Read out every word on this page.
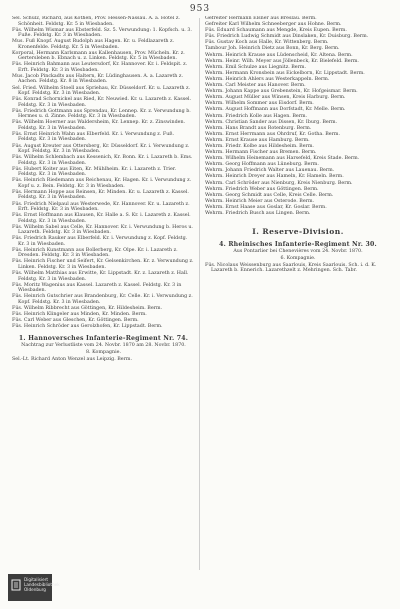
953
Sel. Schulz, Richard, aus Kothen, Prov. Hessen-Nassau. A. a. Hotel z. Schönheit. Feldstg. Kr. 5 in Wiesbaden.
Füs. Wilhelm Wismar aus Ebsterfeld. Sz. 5. Verwundung: 1. Kopfsch. u. 3. Fuße. Feldstg. Kr. 3 in Wiesbaden.
Mus. Fuß Knopf. August Rudolph aus Hagen. Kr. u. Feldlazareth z. Kronenfelde. Feldstg. Kr. 5 in Wiesbaden.
Korporal, Hermann Karlsmann aus Kallenhausen, Prov. Mücheln. Kr. z. Gertersleben b. Ebnach u. z. Linken. Feldstg. Kr. 5 in Wiesbaden.
Füs. Heinrich Bahmann aus Leutersdorf, Kr. Hannover. Kr. i. Feldspit. z. Erft. Feldstg. Kr. 3 in Wiesbaden.
Mus. Jacob Pinckadts aus Haltern, Kr. Lüdinghausen. A. a. Lazareth z. Aachen. Feldstg. Kr. 8 in Wiesbaden.
Sel. Fried. Wilhelm Stoell aus Spriehau, Kr. Düsseldorf. Kr. u. Lazareth z. Kopf. Feldstg. Kr. 3 in Wiesbaden.
Füs. Konrad Schornickel aus Ried, Kr. Neuwied. Kr. u. Lazareth z. Kassel. Feldstg. Kr. 3 in Wiesbaden.
Füs. Friedrich Gottmann aus Sprendau, Kr. Lennep. Kr. z. Verwundung b. Hermes u. d. Zinne. Feldstg. Kr. 3 in Wiesbaden.
Füs. Wilhelm Hoerner aus Waldersheim, Kr. Lennep. Kr. z. Zinswinden. Feldstg. Kr. 3 in Wiesbaden.
Füs. Ernst Heinrich Wahn aus Elberfeld. Kr. i. Verwundung z. Fuß. Feldstg. Kr. 3 in Wiesbaden.
Füs. August Kreuter aus Ottersberg, Kr. Düsseldorf. Kr. i. Verwundung z. Kopf. Feldstg. Kr. 3 in Wiesbaden.
Füs. Wilhelm Schlembach aus Kessenich, Kr. Bonn. Kr. i. Lazareth b. Ems. Feldstg. Kr. 3 in Wiesbaden.
Füs. Hubert Koiter aus Eiten, Kr. Mühlheim. Kr. i. Lazareth z. Trier. Feldstg. Kr. 3 in Wiesbaden.
Füs. Heinrich Riedemann aus Reichenau, Kr. Hagen. Kr. i. Verwundung z. Kopf u. z. Bein. Feldstg. Kr. 3 in Wiesbaden.
Füs. Hermann Hoppe aus Reinsen, Kr. Minden. Kr. u. Lazareth z. Kassel. Feldstg. Kr. 3 in Wiesbaden.
Füs. Friedrich Nielpaul aus Westerwede, Kr. Hannover. Kr. u. Lazareth z. Erft. Feldstg. Kr. 3 in Wiesbaden.
Füs. Ernst Hoffmann aus Klausen, Kr. Halle a. S. Kr. i. Lazareth z. Kassel. Feldstg. Kr. 3 in Wiesbaden.
Füs. Wilhelm Sabel aus Celle, Kr. Hannover. Kr. i. Verwundung b. Heros u. Lazareth. Feldstg. Kr. 3 in Wiesbaden.
Füs. Friedrich Rauker aus Elberfeld. Kr. i. Verwundung z. Kopf. Feldstg. Kr. 3 in Wiesbaden.
Füs. Heinrich Kunstmann aus Bollerberg, Kr. Olpe. Kr. i. Lazareth z. Dresden. Feldstg. Kr. 3 in Wiesbaden.
Füs. Heinrich Fischer und Seifert, Kr. Gelsenkirchen. Kr. z. Verwundung z. Linken. Feldstg. Kr. 3 in Wiesbaden.
Füs. Wilhelm Matthias aus Erwitte, Kr. Lippstadt. Kr. z. Lazareth z. Hall. Feldstg. Kr. 3 in Wiesbaden.
Füs. Moritz Wagenius aus Kassel. Lazareth z. Kassel. Feldstg. Kr. 3 in Wiesbaden.
Füs. Heinrich Gutschrier aus Brandenburg, Kr. Celle. Kr. i. Verwundung z. Kopf. Feldstg. Kr. 3 in Wiesbaden.
Füs. Wilhelm Ribbrecht aus Göttingen, Kr. Hildesheim. Berm.
Füs. Heinrich Klingeler aus Minden, Kr. Minden. Berm.
Füs. Carl Weber aus Gleschen, Kr. Göttingen. Berm.
Füs. Heinrich Schröder aus Gerolzhofen, Kr. Lippstadt. Berm.
1. Hannoversches Infanterie-Regiment Nr. 74.
Nachtrag zur Verlustliste vom 24. Novbr. 1870 am 28. Novbr. 1870.
8. Kompagnie.
Sel.-Lt. Richard Anton Wenzel aus Leipzig. Berm.
Gefreiter Hermann Elsner aus Breslau. Berm.
Gefreiter Karl Wilhelm Schneeberger aus Hohne. Berm.
Füs. Eduard Schaumann aus Mengde, Kreis Eupen. Berm.
Füs. Friedrich Ludwig Schmidt aus Dinslaken, Kr. Duisburg. Berm.
Füs. Gustav Koch aus Halle, Kr. Wittenberg. Berm.
Tambour Joh. Heinrich Dietz aus Bonn, Kr. Berg. Berm.
Wehrm. Heinrich Krause aus Lüdenscheid, Kr. Altena. Berm.
Wehrm. Heinr. Wilh. Meyer aus Jöllenbeck, Kr. Bielefeld. Berm.
Wehrm. Emil Schulze aus Liegnitz. Berm.
Wehrm. Hermann Kronsbein aus Eickelborn, Kr. Lippstadt. Berm.
Wehrm. Heinrich Ahlers aus Westerkappeln. Berm.
Wehrm. Carl Meister aus Hanover. Berm.
Wehrm. Johann Kappe aus Grebenstein, Kr. Hofgeismar. Berm.
Wehrm. August Müller aus Winsen, Kreis Harburg. Berm.
Wehrm. Wilhelm Sommer aus Eisdorf. Berm.
Wehrm. August Hoffmann aus Dorfstadt, Kr. Melle. Berm.
Wehrm. Friedrich Kolle aus Hagen. Berm.
Wehrm. Christian Sander aus Dissen, Kr. Iburg. Berm.
Wehrm. Hans Brandt aus Rotenburg. Berm.
Wehrm. Ernst Herrmann aus Ohrdruf, Kr. Gotha. Berm.
Wehrm. Ernst Krause aus Hamburg. Berm.
Wehrm. Friedr. Kolbe aus Hildesheim. Berm.
Wehrm. Hermann Fischer aus Bremen. Berm.
Wehrm. Wilhelm Heinemann aus Harsefeld, Kreis Stade. Berm.
Wehrm. Georg Hoffmann aus Lüneburg. Berm.
Wehrm. Johann Friedrich Walter aus Lauenau. Berm.
Wehrm. Heinrich Dreyer aus Hameln, Kr. Hameln. Berm.
Wehrm. Carl Schröder aus Nienburg, Kreis Nienburg. Berm.
Wehrm. Friedrich Weber aus Göttingen. Berm.
Wehrm. Georg Schmidt aus Celle, Kreis Celle. Berm.
Wehrm. Heinrich Meier aus Osterode. Berm.
Wehrm. Ernst Haase aus Goslar, Kr. Goslar. Berm.
Wehrm. Friedrich Busch aus Lingen. Berm.
I. Reserve-Division.
4. Rheinisches Infanterie-Regiment Nr. 30.
Aus Pontarlier bei Chenevières vom 24. Novbr. 1870.
6. Kompagnie.
Füs. Nicolaus Weissenburg aus Saarlouis, Kreis Saarlouis. Sch. i. d. K. Lazareth b. Ennerich. Lazarethzelt z. Mehringen. Sch. Tabr.
Digitalisiert
Landesbibliothek
Oldenburg
